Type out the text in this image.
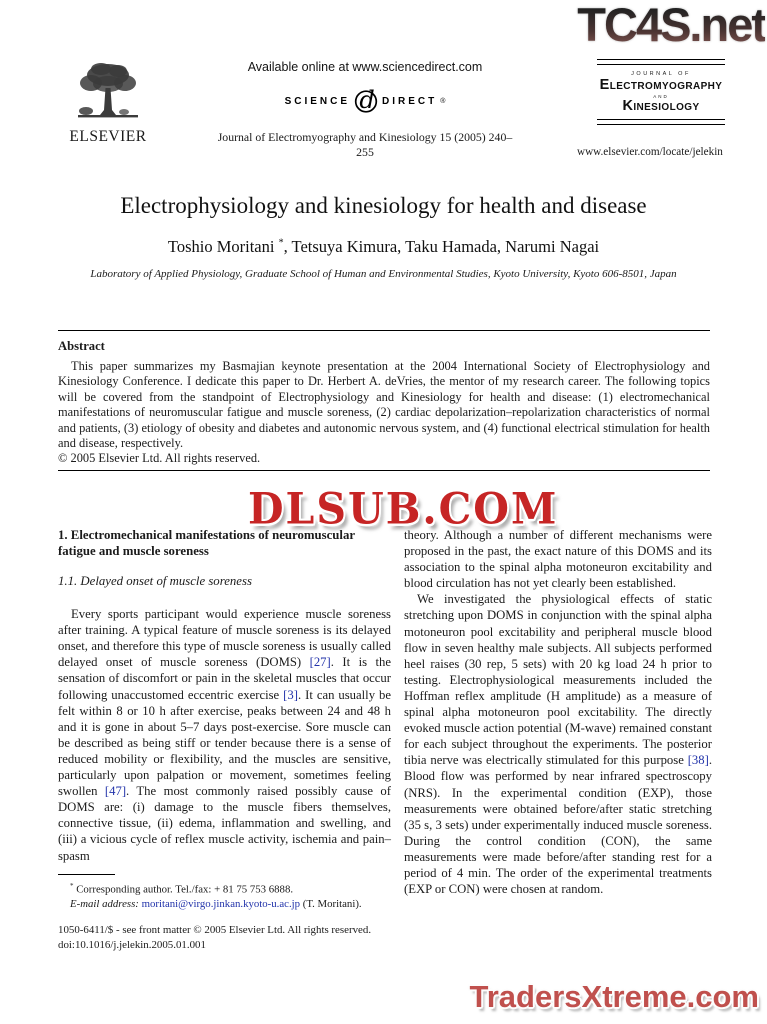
TC4S.net
DLSUB.COM
TradersXtreme.com
ELSEVIER
Available online at www.sciencedirect.com
SCIENCE d DIRECT ®
Journal of Electromyography and Kinesiology 15 (2005) 240–255
JOURNAL OF
ELECTROMYOGRAPHY
AND
KINESIOLOGY
www.elsevier.com/locate/jelekin
Electrophysiology and kinesiology for health and disease
Toshio Moritani *, Tetsuya Kimura, Taku Hamada, Narumi Nagai
Laboratory of Applied Physiology, Graduate School of Human and Environmental Studies, Kyoto University, Kyoto 606-8501, Japan
Abstract

This paper summarizes my Basmajian keynote presentation at the 2004 International Society of Electrophysiology and Kinesiology Conference. I dedicate this paper to Dr. Herbert A. deVries, the mentor of my research career. The following topics will be covered from the standpoint of Electrophysiology and Kinesiology for health and disease: (1) electromechanical manifestations of neuromuscular fatigue and muscle soreness, (2) cardiac depolarization–repolarization characteristics of normal and patients, (3) etiology of obesity and diabetes and autonomic nervous system, and (4) functional electrical stimulation for health and disease, respectively.

© 2005 Elsevier Ltd. All rights reserved.
1. Electromechanical manifestations of neuromuscular fatigue and muscle soreness
1.1. Delayed onset of muscle soreness

Every sports participant would experience muscle soreness after training. A typical feature of muscle soreness is its delayed onset, and therefore this type of muscle soreness is usually called delayed onset of muscle soreness (DOMS) [27]. It is the sensation of discomfort or pain in the skeletal muscles that occur following unaccustomed eccentric exercise [3]. It can usually be felt within 8 or 10 h after exercise, peaks between 24 and 48 h and it is gone in about 5–7 days post-exercise. Sore muscle can be described as being stiff or tender because there is a sense of reduced mobility or flexibility, and the muscles are sensitive, particularly upon palpation or movement, sometimes feeling swollen [47]. The most commonly raised possibly cause of DOMS are: (i) damage to the muscle fibers themselves, connective tissue, (ii) edema, inflammation and swelling, and (iii) a vicious cycle of reflex muscle activity, ischemia and pain–spasm

theory. Although a number of different mechanisms were proposed in the past, the exact nature of this DOMS and its association to the spinal alpha motoneuron excitability and blood circulation has not yet clearly been established.

We investigated the physiological effects of static stretching upon DOMS in conjunction with the spinal alpha motoneuron pool excitability and peripheral muscle blood flow in seven healthy male subjects. All subjects performed heel raises (30 rep, 5 sets) with 20 kg load 24 h prior to testing. Electrophysiological measurements included the Hoffman reflex amplitude (H amplitude) as a measure of spinal alpha motoneuron pool excitability. The directly evoked muscle action potential (M-wave) remained constant for each subject throughout the experiments. The posterior tibia nerve was electrically stimulated for this purpose [38]. Blood flow was performed by near infrared spectroscopy (NRS). In the experimental condition (EXP), those measurements were obtained before/after static stretching (35 s, 3 sets) under experimentally induced muscle soreness. During the control condition (CON), the same measurements were made before/after standing rest for a period of 4 min. The order of the experimental treatments (EXP or CON) were chosen at random.

* Corresponding author. Tel./fax: + 81 75 753 6888.
E-mail address: moritani@virgo.jinkan.kyoto-u.ac.jp (T. Moritani).
1050-6411/$ - see front matter © 2005 Elsevier Ltd. All rights reserved.
doi:10.1016/j.jelekin.2005.01.001
